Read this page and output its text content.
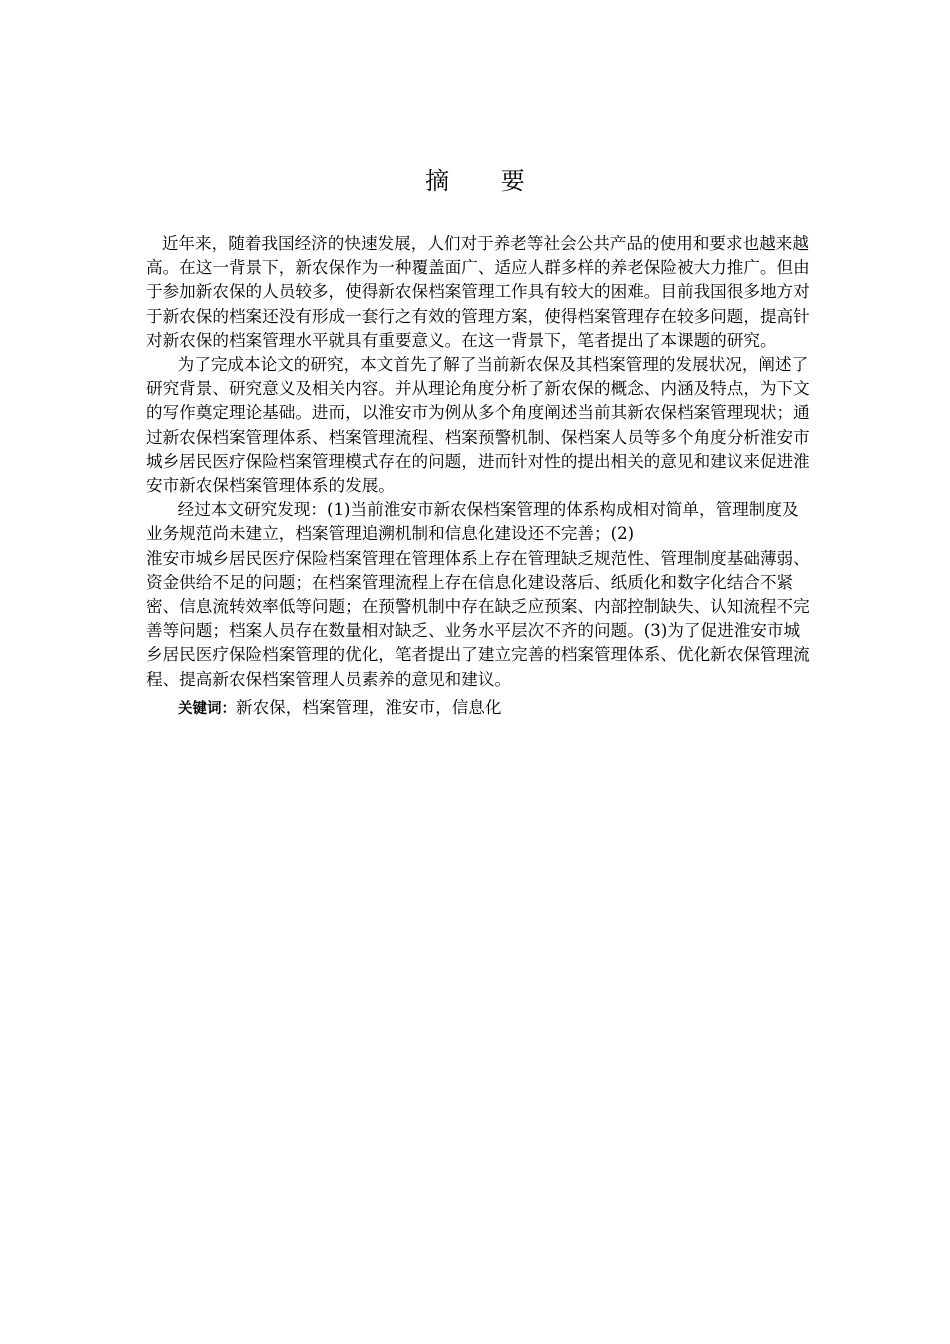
摘 要

近年来，随着我国经济的快速发展，人们对于养老等社会公共产品的使用和要求也越来越高。在这一背景下，新农保作为一种覆盖面广、适应人群多样的养老保险被大力推广。但由于参加新农保的人员较多，使得新农保档案管理工作具有较大的困难。目前我国很多地方对于新农保的档案还没有形成一套行之有效的管理方案，使得档案管理存在较多问题，提高针对新农保的档案管理水平就具有重要意义。在这一背景下，笔者提出了本课题的研究。

为了完成本论文的研究，本文首先了解了当前新农保及其档案管理的发展状况，阐述了研究背景、研究意义及相关内容。并从理论角度分析了新农保的概念、内涵及特点，为下文的写作奠定理论基础。进而，以淮安市为例从多个角度阐述当前其新农保档案管理现状；通过新农保档案管理体系、档案管理流程、档案预警机制、保档案人员等多个角度分析淮安市城乡居民医疗保险档案管理模式存在的问题，进而针对性的提出相关的意见和建议来促进淮安市新农保档案管理体系的发展。

经过本文研究发现：(1)当前淮安市新农保档案管理的体系构成相对简单，管理制度及业务规范尚未建立，档案管理追溯机制和信息化建设还不完善；(2)
淮安市城乡居民医疗保险档案管理在管理体系上存在管理缺乏规范性、管理制度基础薄弱、资金供给不足的问题；在档案管理流程上存在信息化建设落后、纸质化和数字化结合不紧密、信息流转效率低等问题；在预警机制中存在缺乏应预案、内部控制缺失、认知流程不完善等问题；档案人员存在数量相对缺乏、业务水平层次不齐的问题。(3)为了促进淮安市城乡居民医疗保险档案管理的优化，笔者提出了建立完善的档案管理体系、优化新农保管理流程、提高新农保档案管理人员素养的意见和建议。

关键词：新农保，档案管理，淮安市，信息化
